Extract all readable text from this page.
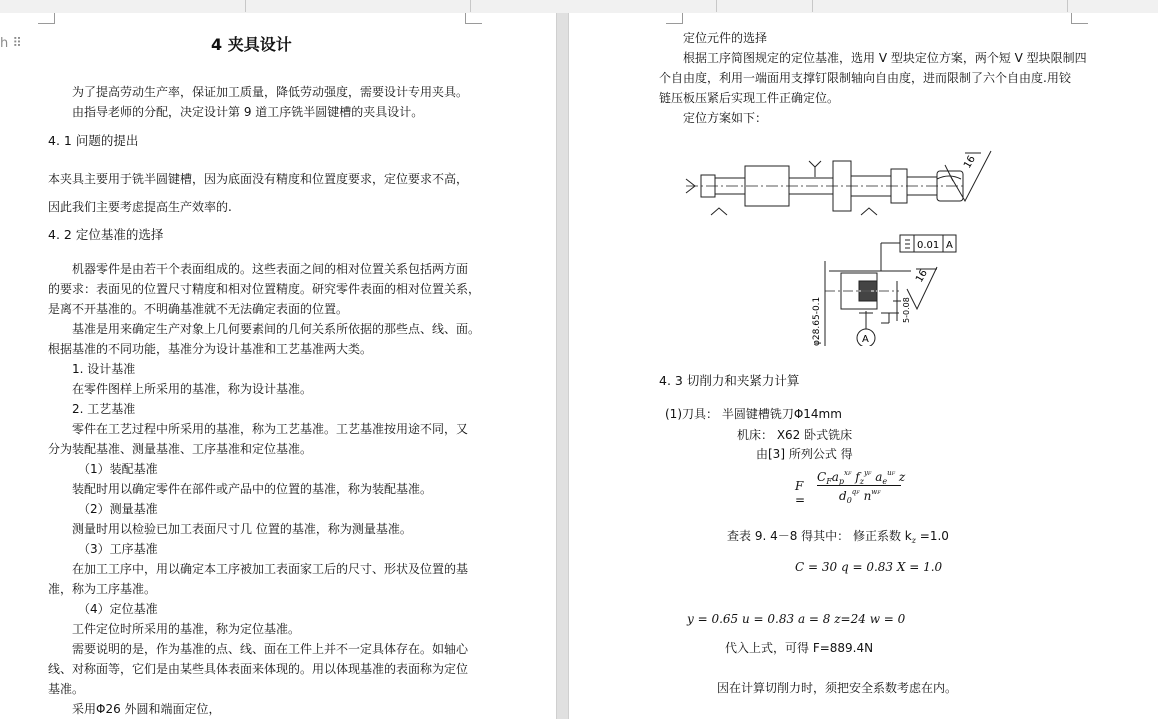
h ⠿	4 夹具设计
为了提高劳动生产率，保证加工质量，降低劳动强度，需要设计专用夹具。
由指导老师的分配，决定设计第 9 道工序铣半圆键槽的夹具设计。
4. 1 问题的提出
本夹具主要用于铣半圆键槽，因为底面没有精度和位置度要求，定位要求不高，
因此我们主要考虑提高生产效率的.
4. 2 定位基准的选择
机器零件是由若干个表面组成的。这些表面之间的相对位置关系包括两方面
的要求：表面见的位置尺寸精度和相对位置精度。研究零件表面的相对位置关系，
是离不开基准的。不明确基准就不无法确定表面的位置。
基准是用来确定生产对象上几何要素间的几何关系所依据的那些点、线、面。
根据基准的不同功能，基准分为设计基准和工艺基准两大类。
1. 设计基准
在零件图样上所采用的基准，称为设计基准。
2. 工艺基准
零件在工艺过程中所采用的基准，称为工艺基准。工艺基准按用途不同，又
分为装配基准、测量基准、工序基准和定位基准。
（1）装配基准
装配时用以确定零件在部件或产品中的位置的基准，称为装配基准。
（2）测量基准
测量时用以检验已加工表面尺寸几 位置的基准，称为测量基准。
（3）工序基准
在加工工序中，用以确定本工序被加工表面家工后的尺寸、形状及位置的基
准，称为工序基准。
（4）定位基准
工件定位时所采用的基准，称为定位基准。
需要说明的是，作为基准的点、线、面在工件上并不一定具体存在。如轴心
线、对称面等，它们是由某些具体表面来体现的。用以体现基准的表面称为定位
基准。
采用Φ26 外圆和端面定位，
定位元件的选择
根据工序简图规定的定位基准，选用 V 型块定位方案，两个短 V 型块限制四
个自由度，利用一端面用支撑钉限制轴向自由度，进而限制了六个自由度.用铰
链压板压紧后实现工件正确定位。
定位方案如下：
16
16
0.01 A
A
φ28.65-0.1	5-0.08
4. 3 切削力和夹紧力计算
(1)刀具： 半圆键槽铣刀Φ14mm
机床： X62 卧式铣床
由[3] 所列公式 得
F =
$C_Fa_p^{xF}$ $f_z^{yF}$ $a_e^{uF}$ z
$d_0^{qF}$ $n^{wF}$
查表 9. 4－8 得其中： 修正系数 $k_z =1.0$
C = 30 q = 0.83 X = 1.0
y = 0.65 u = 0.83 a = 8 z=24 w = 0
代入上式，可得 F=889.4N
因在计算切削力时，须把安全系数考虑在内。
